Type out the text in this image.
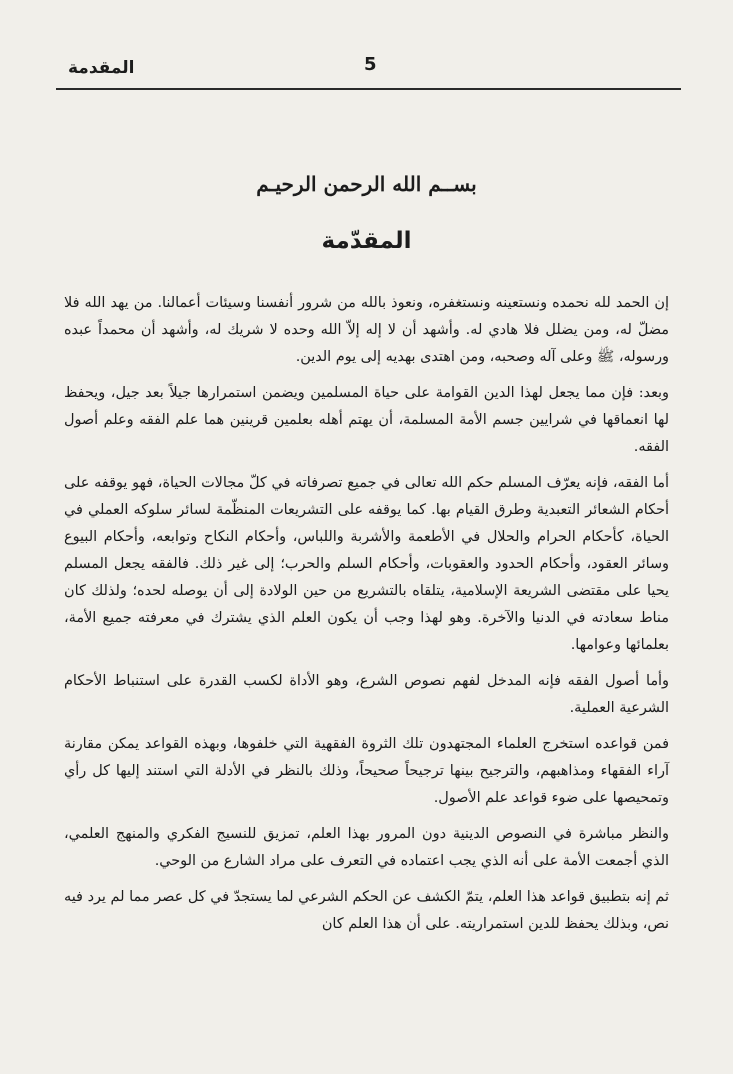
المقدمة	5
بســم الله الرحمن الرحيـم
المقدّمة

إن الحمد لله نحمده ونستعينه ونستغفره، ونعوذ بالله من شرور أنفسنا وسيئات أعمالنا. من يهد الله فلا مضلّ له، ومن يضلل فلا هادي له. وأشهد أن لا إله إلاّ الله وحده لا شريك له، وأشهد أن محمداً عبده ورسوله، ﷺ وعلى آله وصحبه، ومن اهتدى بهديه إلى يوم الدين.

وبعد: فإن مما يجعل لهذا الدين القوامة على حياة المسلمين ويضمن استمرارها جيلاً بعد جيل، ويحفظ لها انعماقها في شرايين جسم الأمة المسلمة، أن يهتم أهله بعلمين قرينين هما علم الفقه وعلم أصول الفقه.

أما الفقه، فإنه يعرّف المسلم حكم الله تعالى في جميع تصرفاته في كلّ مجالات الحياة، فهو يوقفه على أحكام الشعائر التعبدية وطرق القيام بها. كما يوقفه على التشريعات المنظّمة لسائر سلوكه العملي في الحياة، كأحكام الحرام والحلال في الأطعمة والأشربة واللباس، وأحكام النكاح وتوابعه، وأحكام البيوع وسائر العقود، وأحكام الحدود والعقوبات، وأحكام السلم والحرب؛ إلى غير ذلك. فالفقه يجعل المسلم يحيا على مقتضى الشريعة الإسلامية، يتلقاه بالتشريع من حين الولادة إلى أن يوصله لحده؛ ولذلك كان مناط سعادته في الدنيا والآخرة. وهو لهذا وجب أن يكون العلم الذي يشترك في معرفته جميع الأمة، بعلمائها وعوامها.

وأما أصول الفقه فإنه المدخل لفهم نصوص الشرع، وهو الأداة لكسب القدرة على استنباط الأحكام الشرعية العملية.

فمن قواعده استخرج العلماء المجتهدون تلك الثروة الفقهية التي خلفوها، وبهذه القواعد يمكن مقارنة آراء الفقهاء ومذاهبهم، والترجيح بينها ترجيحاً صحيحاً، وذلك بالنظر في الأدلة التي استند إليها كل رأي وتمحيصها على ضوء قواعد علم الأصول.

والنظر مباشرة في النصوص الدينية دون المرور بهذا العلم، تمزيق للنسيج الفكري والمنهج العلمي، الذي أجمعت الأمة على أنه الذي يجب اعتماده في التعرف على مراد الشارع من الوحي.

ثم إنه بتطبيق قواعد هذا العلم، يتمّ الكشف عن الحكم الشرعي لما يستجدّ في كل عصر مما لم يرد فيه نص، وبذلك يحفظ للدين استمراريته. على أن هذا العلم كان
